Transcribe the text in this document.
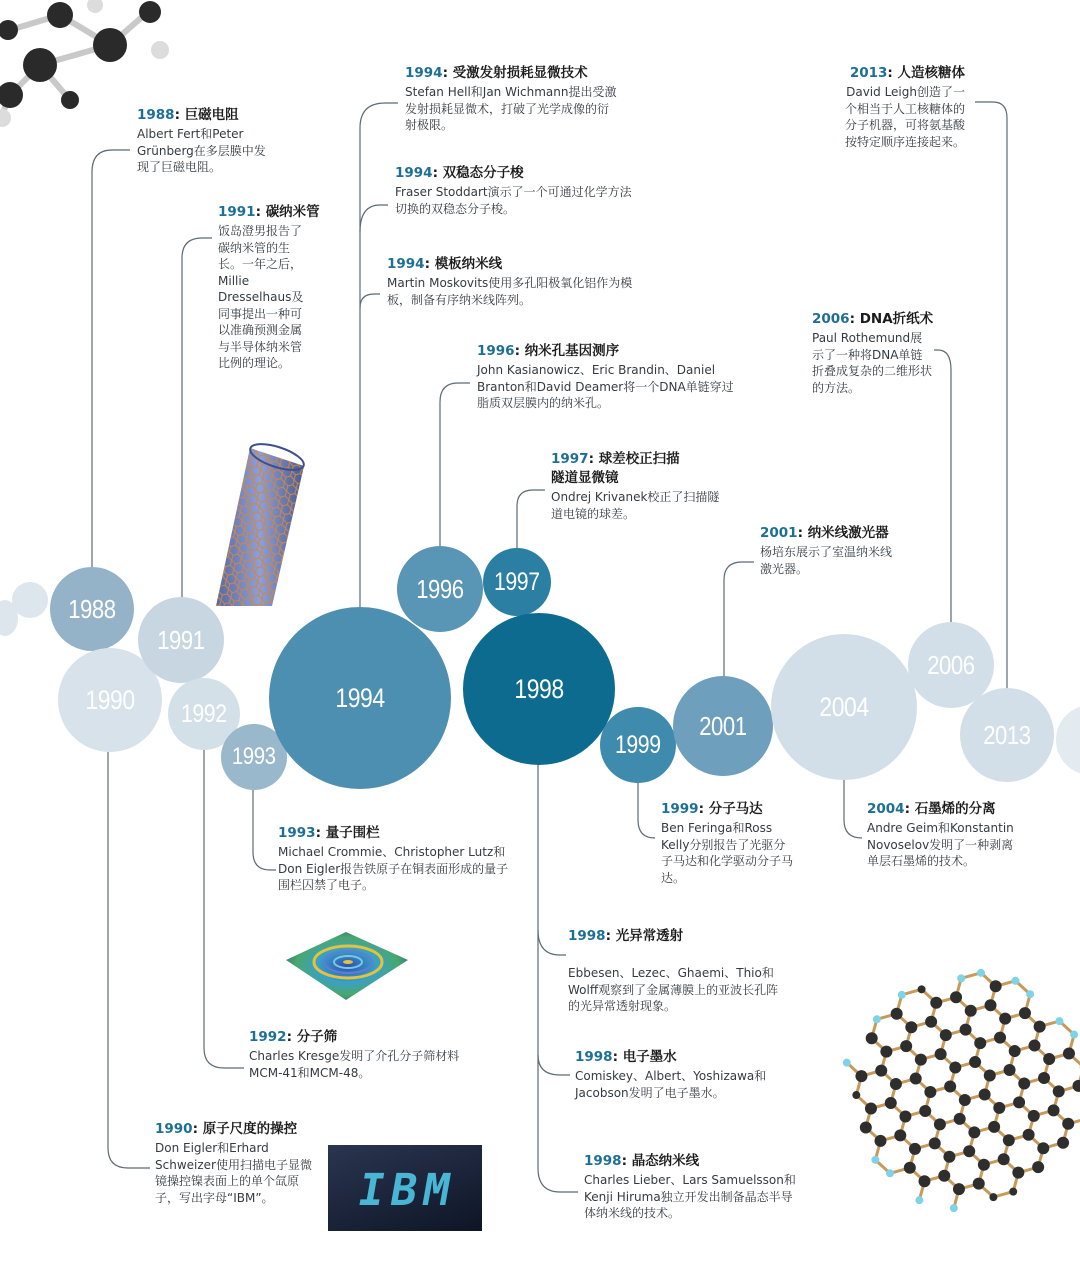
1988
1990
1991
1992
1993
1994
1996 1997
1998
1999
2001
2004
2006
2013
1988: 巨磁电阻
Albert Fert和Peter Grünberg在多层膜中发现了巨磁电阻。
1991: 碳纳米管
饭岛澄男报告了碳纳米管的生长。一年之后，Millie Dresselhaus及同事提出一种可以准确预测金属与半导体纳米管比例的理论。
1994: 受激发射损耗显微技术
Stefan Hell和Jan Wichmann提出受激发射损耗显微术，打破了光学成像的衍射极限。
1994: 双稳态分子梭
Fraser Stoddart演示了一个可通过化学方法切换的双稳态分子梭。
1994: 模板纳米线
Martin Moskovits使用多孔阳极氧化铝作为模板，制备有序纳米线阵列。
1996: 纳米孔基因测序
John Kasianowicz、Eric Brandin、Daniel Branton和David Deamer将一个DNA单链穿过脂质双层膜内的纳米孔。
1997: 球差校正扫描隧道显微镜
Ondrej Krivanek校正了扫描隧道电镜的球差。
2001: 纳米线激光器
杨培东展示了室温纳米线激光器。
2006: DNA折纸术
Paul Rothemund展示了一种将DNA单链折叠成复杂的二维形状的方法。
2013: 人造核糖体
David Leigh创造了一个相当于人工核糖体的分子机器，可将氨基酸按特定顺序连接起来。
1993: 量子围栏
Michael Crommie、Christopher Lutz和Don Eigler报告铁原子在铜表面形成的量子围栏囚禁了电子。
1992: 分子筛
Charles Kresge发明了介孔分子筛材料MCM-41和MCM-48。
1990: 原子尺度的操控
Don Eigler和Erhard Schweizer使用扫描电子显微镜操控镍表面上的单个氙原子，写出字母“IBM”。
1999: 分子马达
Ben Feringa和Ross Kelly分别报告了光驱分子马达和化学驱动分子马达。
2004: 石墨烯的分离
Andre Geim和Konstantin Novoselov发明了一种剥离单层石墨烯的技术。
1998: 光异常透射
Ebbesen、Lezec、Ghaemi、Thio和Wolff观察到了金属薄膜上的亚波长孔阵的光异常透射现象。
1998: 电子墨水
Comiskey、Albert、Yoshizawa和Jacobson发明了电子墨水。
1998: 晶态纳米线
Charles Lieber、Lars Samuelsson和Kenji Hiruma独立开发出制备晶态半导体纳米线的技术。
IBM
